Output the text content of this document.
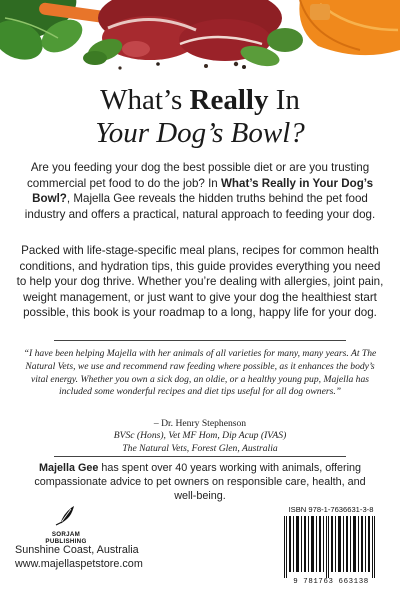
What’s Really In
Your Dog’s Bowl?
Are you feeding your dog the best possible diet or are you trusting commercial pet food to do the job? In What’s Really in Your Dog’s Bowl?, Majella Gee reveals the hidden truths behind the pet food industry and offers a practical, natural approach to feeding your dog.
Packed with life-stage-specific meal plans, recipes for common health conditions, and hydration tips, this guide provides everything you need to help your dog thrive. Whether you’re dealing with allergies, joint pain, weight management, or just want to give your dog the healthiest start possible, this book is your roadmap to a long, happy life for your dog.
“I have been helping Majella with her animals of all varieties for many, many years. At The Natural Vets, we use and recommend raw feeding where possible, as it enhances the body’s vital energy. Whether you own a sick dog, an oldie, or a healthy young pup, Majella has included some wonderful recipes and diet tips useful for all dog owners.”
– Dr. Henry Stephenson
BVSc (Hons), Vet MF Hom, Dip Acup (IVAS)
The Natural Vets, Forest Glen, Australia
Majella Gee has spent over 40 years working with animals, offering compassionate advice to pet owners on responsible care, health, and well-being.
SORJAM
PUBLISHING
Sunshine Coast, Australia
www.majellaspetstore.com
ISBN 978-1-7636631-3-8
9 781763 663138
